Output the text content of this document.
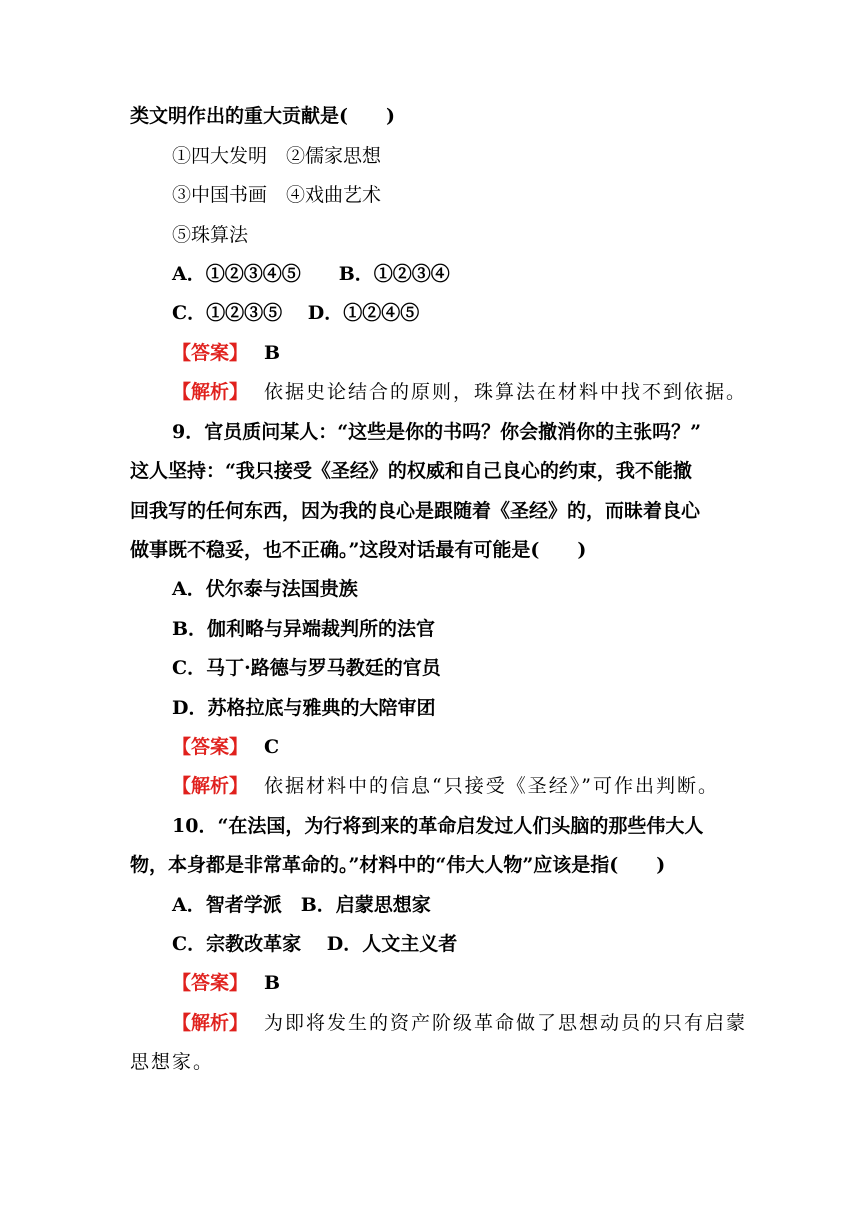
类文明作出的重大贡献是(　　)
①四大发明　②儒家思想
③中国书画　④戏曲艺术
⑤珠算法
A．①②③④⑤　　B．①②③④
C．①②③⑤　 D．①②④⑤
【答案】 B
【解析】 依据史论结合的原则，珠算法在材料中找不到依据。
9．官员质问某人：“这些是你的书吗？你会撤消你的主张吗？”
这人坚持：“我只接受《圣经》的权威和自己良心的约束，我不能撤
回我写的任何东西，因为我的良心是跟随着《圣经》的，而昧着良心
做事既不稳妥，也不正确。”这段对话最有可能是(　　)
A．伏尔泰与法国贵族
B．伽利略与异端裁判所的法官
C．马丁·路德与罗马教廷的官员
D．苏格拉底与雅典的大陪审团
【答案】 C
【解析】 依据材料中的信息“只接受《圣经》”可作出判断。
10．“在法国，为行将到来的革命启发过人们头脑的那些伟大人
物，本身都是非常革命的。”材料中的“伟大人物”应该是指(　　)
A．智者学派　B．启蒙思想家
C．宗教改革家　 D．人文主义者
【答案】 B
【解析】 为即将发生的资产阶级革命做了思想动员的只有启蒙
思想家。
